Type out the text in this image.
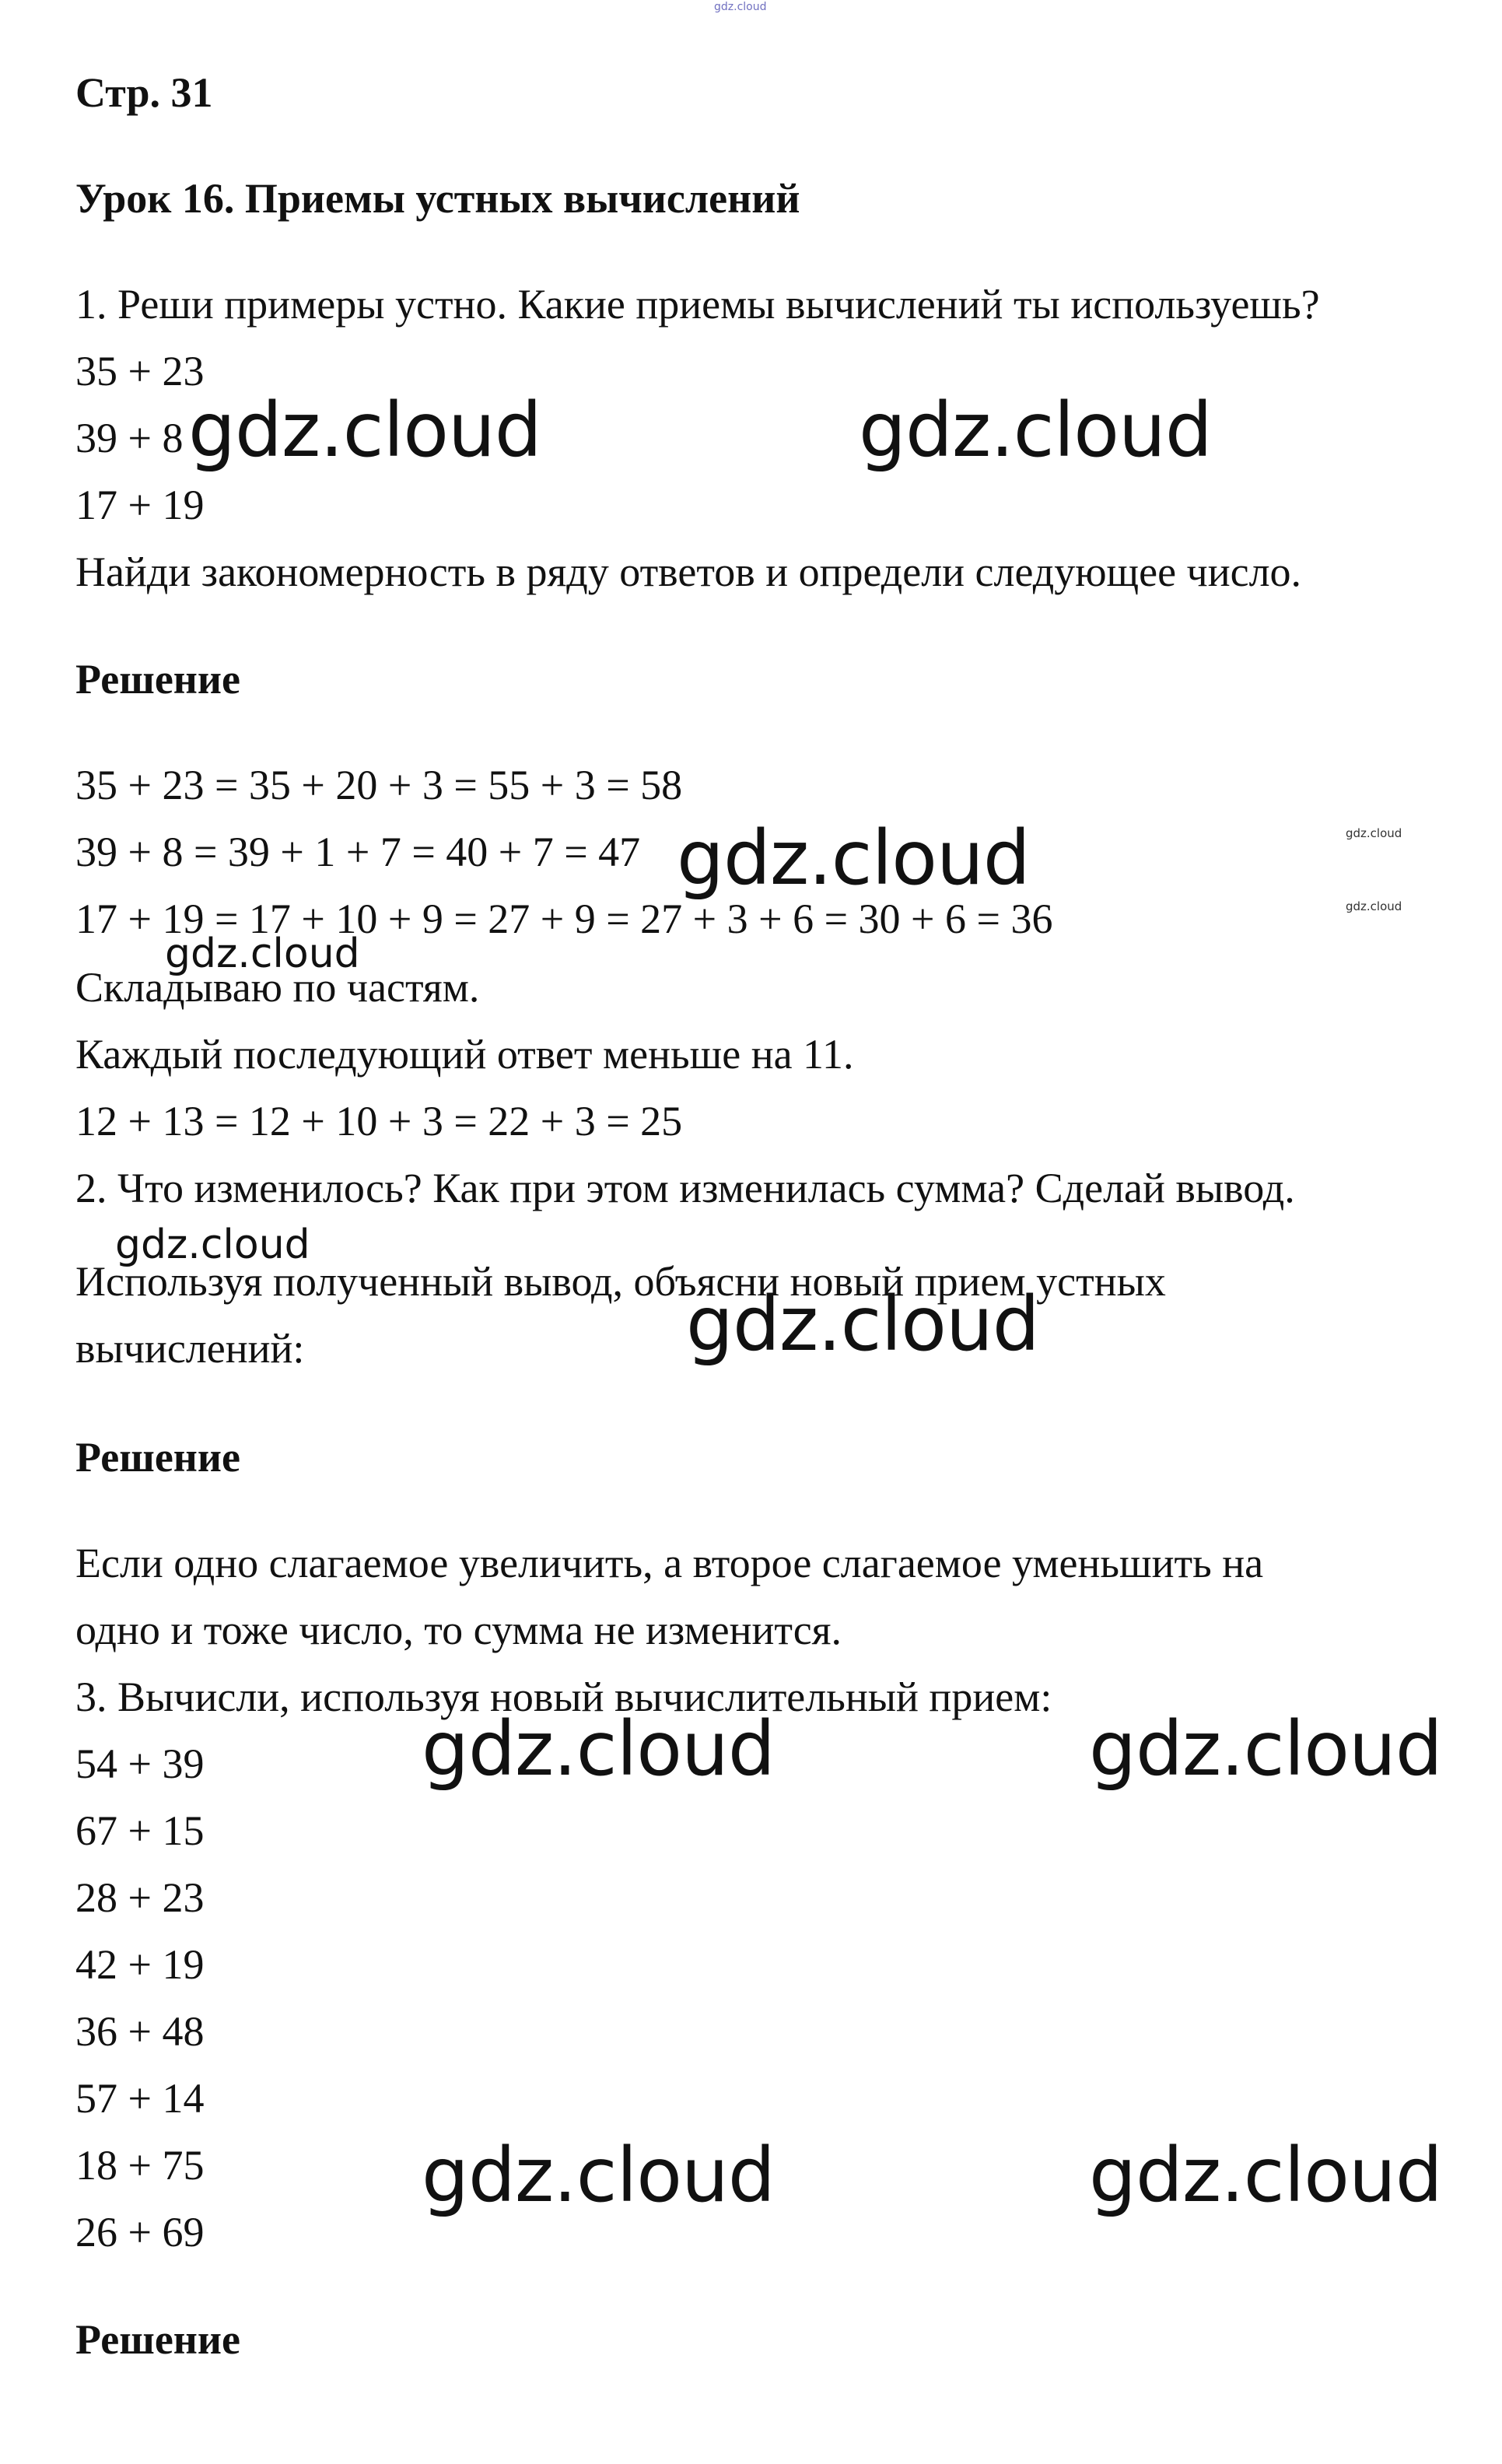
gdz.cloud
Стр. 31
Урок 16. Приемы устных вычислений
1. Реши примеры устно. Какие приемы вычислений ты используешь?
35 + 23
39 + 8
17 + 19
Найди закономерность в ряду ответов и определи следующее число.
Решение
35 + 23 = 35 + 20 + 3 = 55 + 3 = 58
39 + 8 = 39 + 1 + 7 = 40 + 7 = 47
17 + 19 = 17 + 10 + 9 = 27 + 9 = 27 + 3 + 6 = 30 + 6 = 36
Складываю по частям.
Каждый последующий ответ меньше на 11.
12 + 13 = 12 + 10 + 3 = 22 + 3 = 25
2. Что изменилось? Как при этом изменилась сумма? Сделай вывод.
Используя полученный вывод, объясни новый прием устных
вычислений:
Решение
Если одно слагаемое увеличить, а второе слагаемое уменьшить на
одно и тоже число, то сумма не изменится.
3. Вычисли, используя новый вычислительный прием:
54 + 39
67 + 15
28 + 23
42 + 19
36 + 48
57 + 14
18 + 75
26 + 69
Решение
gdz.cloud	gdz.cloud
gdz.cloud	gdz.cloud
gdz.cloud
gdz.cloud
gdz.cloud
gdz.cloud
gdz.cloud	gdz.cloud
gdz.cloud	gdz.cloud
